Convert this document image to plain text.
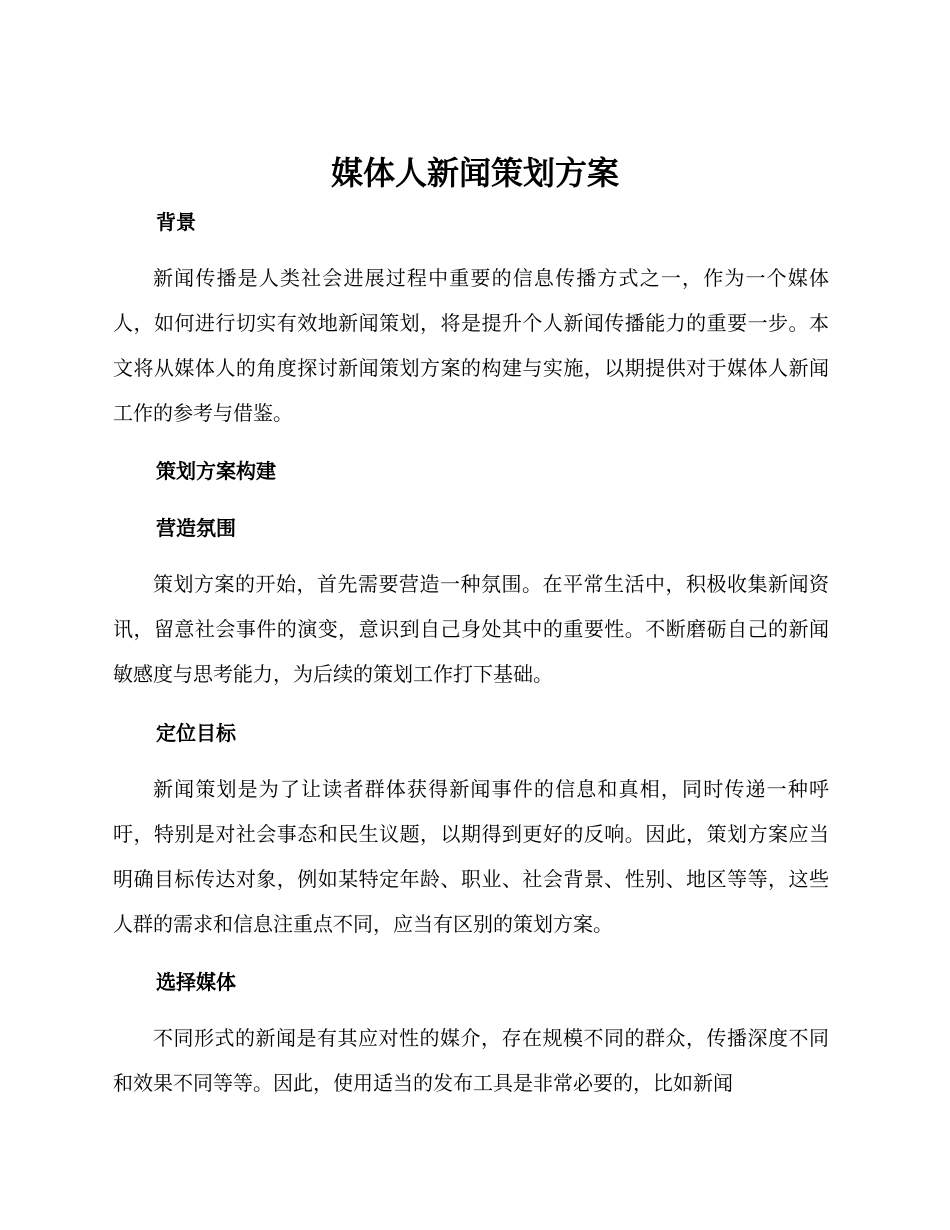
媒体人新闻策划方案
背景

新闻传播是人类社会进展过程中重要的信息传播方式之一，作为一个媒体人，如何进行切实有效地新闻策划，将是提升个人新闻传播能力的重要一步。本文将从媒体人的角度探讨新闻策划方案的构建与实施，以期提供对于媒体人新闻工作的参考与借鉴。

策划方案构建
营造氛围

策划方案的开始，首先需要营造一种氛围。在平常生活中，积极收集新闻资讯，留意社会事件的演变，意识到自己身处其中的重要性。不断磨砺自己的新闻敏感度与思考能力，为后续的策划工作打下基础。

定位目标

新闻策划是为了让读者群体获得新闻事件的信息和真相，同时传递一种呼吁，特别是对社会事态和民生议题，以期得到更好的反响。因此，策划方案应当明确目标传达对象，例如某特定年龄、职业、社会背景、性别、地区等等，这些人群的需求和信息注重点不同，应当有区别的策划方案。

选择媒体

不同形式的新闻是有其应对性的媒介，存在规模不同的群众，传播深度不同和效果不同等等。因此，使用适当的发布工具是非常必要的，比如新闻
